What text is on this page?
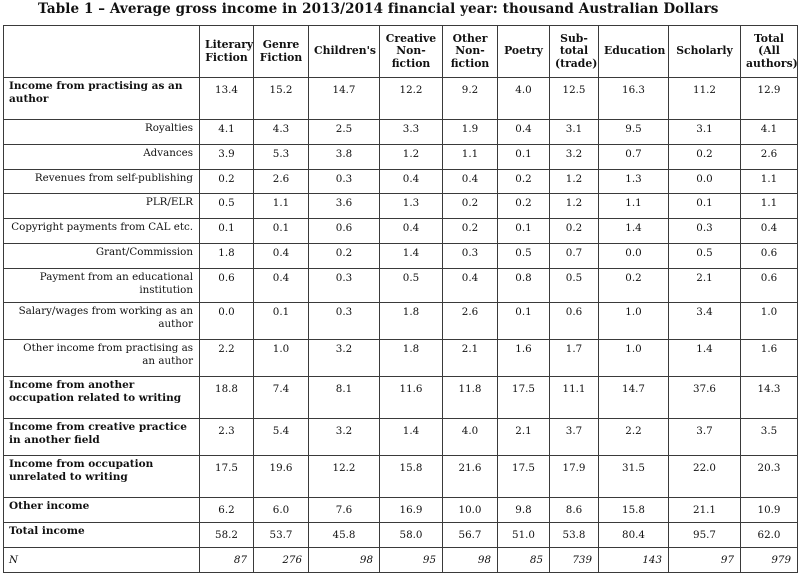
Table 1 – Average gross income in 2013/2014 financial year: thousand Australian Dollars
	Literary Fiction	Genre Fiction	Children's	Creative Non-fiction	Other Non-fiction	Poetry	Sub-total (trade)	Education	Scholarly	Total (All authors)
Income from practising as an author	13.4	15.2	14.7	12.2	9.2	4.0	12.5	16.3	11.2	12.9
Royalties	4.1	4.3	2.5	3.3	1.9	0.4	3.1	9.5	3.1	4.1
Advances	3.9	5.3	3.8	1.2	1.1	0.1	3.2	0.7	0.2	2.6
Revenues from self-publishing	0.2	2.6	0.3	0.4	0.4	0.2	1.2	1.3	0.0	1.1
PLR/ELR	0.5	1.1	3.6	1.3	0.2	0.2	1.2	1.1	0.1	1.1
Copyright payments from CAL etc.	0.1	0.1	0.6	0.4	0.2	0.1	0.2	1.4	0.3	0.4
Grant/Commission	1.8	0.4	0.2	1.4	0.3	0.5	0.7	0.0	0.5	0.6
Payment from an educational institution	0.6	0.4	0.3	0.5	0.4	0.8	0.5	0.2	2.1	0.6
Salary/wages from working as an author	0.0	0.1	0.3	1.8	2.6	0.1	0.6	1.0	3.4	1.0
Other income from practising as an author	2.2	1.0	3.2	1.8	2.1	1.6	1.7	1.0	1.4	1.6
Income from another occupation related to writing	18.8	7.4	8.1	11.6	11.8	17.5	11.1	14.7	37.6	14.3
Income from creative practice in another field	2.3	5.4	3.2	1.4	4.0	2.1	3.7	2.2	3.7	3.5
Income from occupation unrelated to writing	17.5	19.6	12.2	15.8	21.6	17.5	17.9	31.5	22.0	20.3
Other income	6.2	6.0	7.6	16.9	10.0	9.8	8.6	15.8	21.1	10.9
Total income	58.2	53.7	45.8	58.0	56.7	51.0	53.8	80.4	95.7	62.0
N	87	276	98	95	98	85	739	143	97	979
